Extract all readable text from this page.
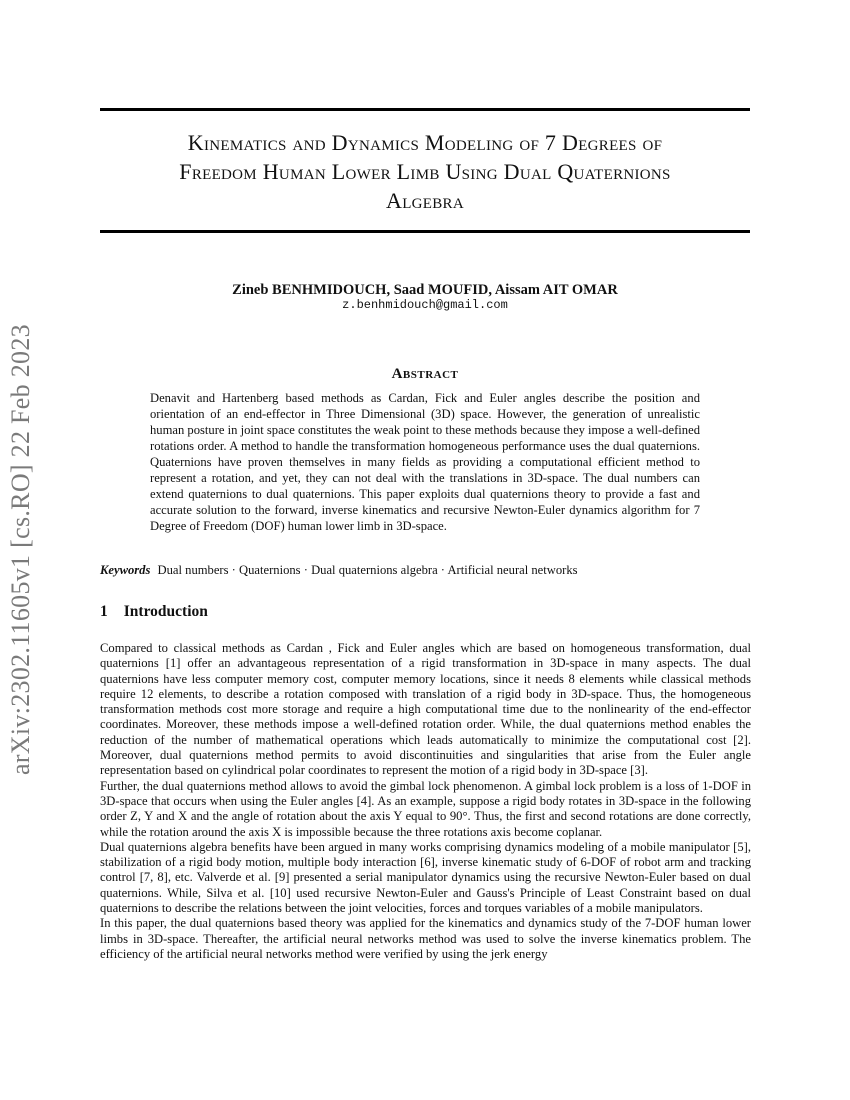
arXiv:2302.11605v1 [cs.RO] 22 Feb 2023
Kinematics and Dynamics Modeling of 7 Degrees of
Freedom Human Lower Limb Using Dual Quaternions
Algebra
Zineb BENHMIDOUCH, Saad MOUFID, Aissam AIT OMAR
z.benhmidouch@gmail.com
Abstract
Denavit and Hartenberg based methods as Cardan, Fick and Euler angles describe the position and orientation of an end-effector in Three Dimensional (3D) space. However, the generation of unrealistic human posture in joint space constitutes the weak point to these methods because they impose a well-defined rotations order. A method to handle the transformation homogeneous performance uses the dual quaternions. Quaternions have proven themselves in many fields as providing a computational efficient method to represent a rotation, and yet, they can not deal with the translations in 3D-space. The dual numbers can extend quaternions to dual quaternions. This paper exploits dual quaternions theory to provide a fast and accurate solution to the forward, inverse kinematics and recursive Newton-Euler dynamics algorithm for 7 Degree of Freedom (DOF) human lower limb in 3D-space.
Keywords Dual numbers · Quaternions · Dual quaternions algebra · Artificial neural networks
1 Introduction

Compared to classical methods as Cardan , Fick and Euler angles which are based on homogeneous transformation, dual quaternions [1] offer an advantageous representation of a rigid transformation in 3D-space in many aspects. The dual quaternions have less computer memory cost, computer memory locations, since it needs 8 elements while classical methods require 12 elements, to describe a rotation composed with translation of a rigid body in 3D-space. Thus, the homogeneous transformation methods cost more storage and require a high computational time due to the nonlinearity of the end-effector coordinates. Moreover, these methods impose a well-defined rotation order. While, the dual quaternions method enables the reduction of the number of mathematical operations which leads automatically to minimize the computational cost [2]. Moreover, dual quaternions method permits to avoid discontinuities and singularities that arise from the Euler angle representation based on cylindrical polar coordinates to represent the motion of a rigid body in 3D-space [3].

Further, the dual quaternions method allows to avoid the gimbal lock phenomenon. A gimbal lock problem is a loss of 1-DOF in 3D-space that occurs when using the Euler angles [4]. As an example, suppose a rigid body rotates in 3D-space in the following order Z, Y and X and the angle of rotation about the axis Y equal to 90°. Thus, the first and second rotations are done correctly, while the rotation around the axis X is impossible because the three rotations axis become coplanar.

Dual quaternions algebra benefits have been argued in many works comprising dynamics modeling of a mobile manipulator [5], stabilization of a rigid body motion, multiple body interaction [6], inverse kinematic study of 6-DOF of robot arm and tracking control [7, 8], etc. Valverde et al. [9] presented a serial manipulator dynamics using the recursive Newton-Euler based on dual quaternions. While, Silva et al. [10] used recursive Newton-Euler and Gauss's Principle of Least Constraint based on dual quaternions to describe the relations between the joint velocities, forces and torques variables of a mobile manipulators.

In this paper, the dual quaternions based theory was applied for the kinematics and dynamics study of the 7-DOF human lower limbs in 3D-space. Thereafter, the artificial neural networks method was used to solve the inverse kinematics problem. The efficiency of the artificial neural networks method were verified by using the jerk energy
